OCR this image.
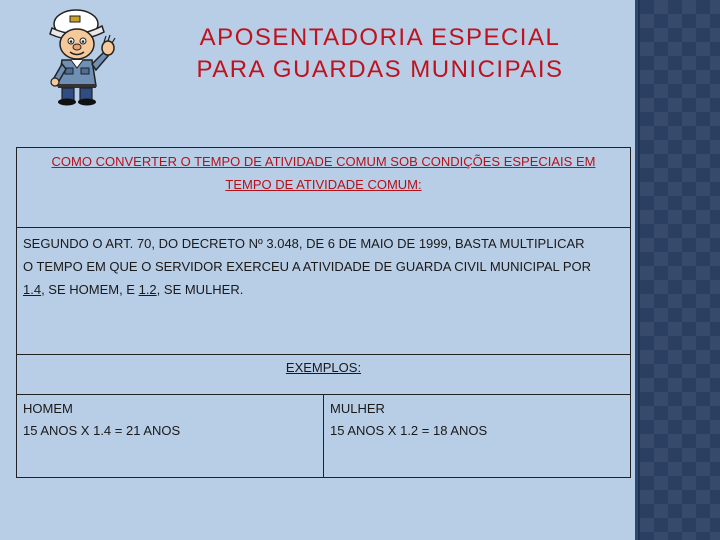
APOSENTADORIA ESPECIAL
PARA GUARDAS MUNICIPAIS
COMO CONVERTER O TEMPO DE ATIVIDADE COMUM SOB CONDIÇÕES ESPECIAIS EM
TEMPO DE ATIVIDADE COMUM:
SEGUNDO O ART. 70, DO DECRETO Nº 3.048, DE 6 DE MAIO DE 1999, BASTA MULTIPLICAR
O TEMPO EM QUE O SERVIDOR EXERCEU A ATIVIDADE DE GUARDA CIVIL MUNICIPAL POR
1.4, SE HOMEM, E 1.2, SE MULHER.
EXEMPLOS:
HOMEM
15 ANOS X 1.4 = 21 ANOS
MULHER
15 ANOS X 1.2 = 18 ANOS
